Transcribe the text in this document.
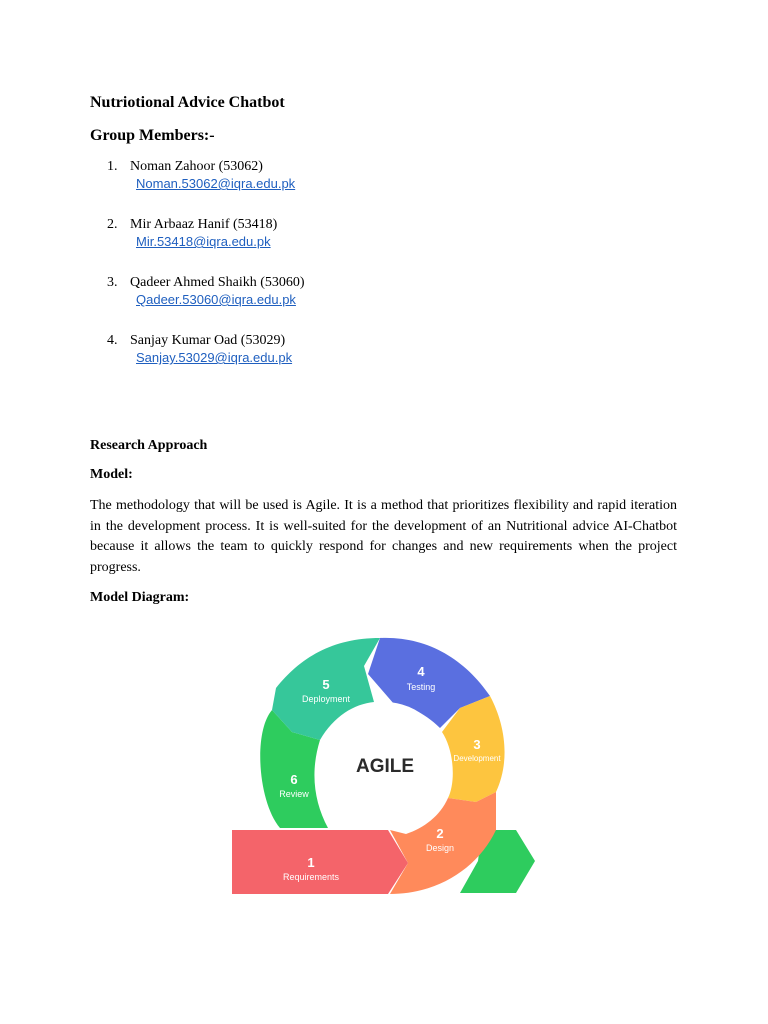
Nutriotional Advice Chatbot
Group Members:-
1. Noman Zahoor (53062)
Noman.53062@iqra.edu.pk
2. Mir Arbaaz Hanif (53418)
Mir.53418@iqra.edu.pk
3. Qadeer Ahmed Shaikh (53060)
Qadeer.53060@iqra.edu.pk
4. Sanjay Kumar Oad (53029)
Sanjay.53029@iqra.edu.pk
Research Approach
Model:

The methodology that will be used is Agile. It is a method that prioritizes flexibility and rapid iteration in the development process. It is well-suited for the development of an Nutritional advice AI-Chatbot because it allows the team to quickly respond for changes and new requirements when the project progress.

Model Diagram:
AGILE
1
Requirements
2
Design
3
Development
4
Testing
5
Deployment
6
Review
